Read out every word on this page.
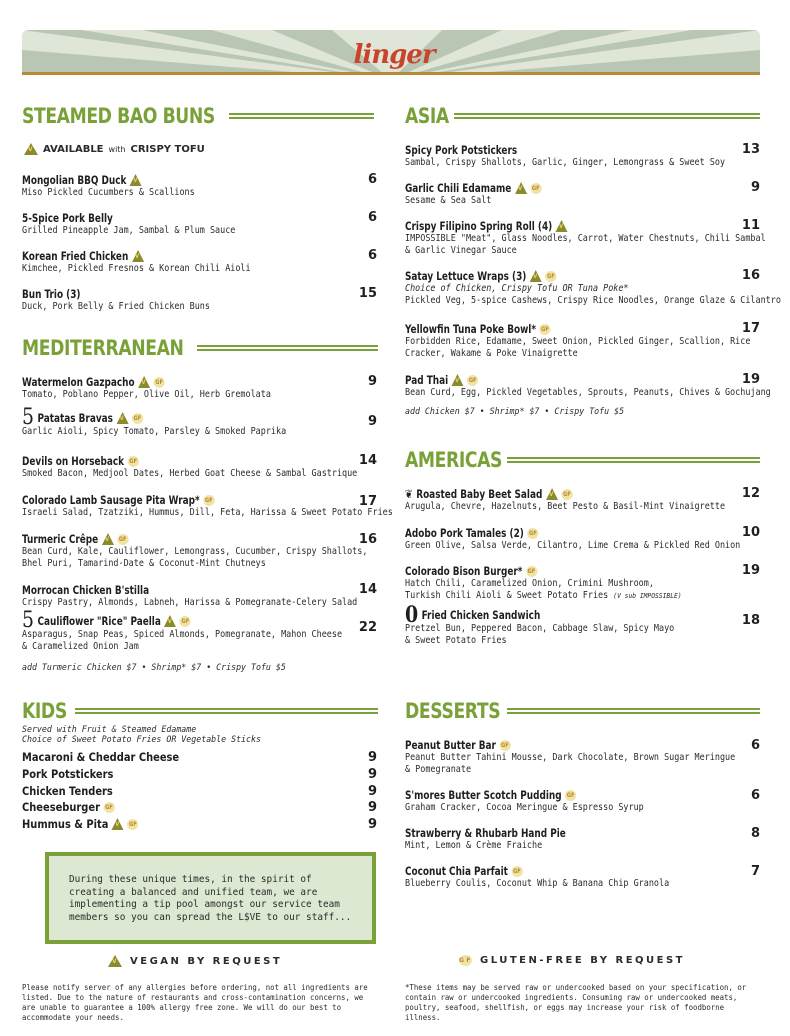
linger
STEAMED BAO BUNS
V
AVAILABLE with CRISPY TOFU
Mongolian BBQ Duck
V
Miso Pickled Cucumbers & Scallions
6
5-Spice Pork Belly
Grilled Pineapple Jam, Sambal & Plum Sauce
6
Korean Fried Chicken
V
Kimchee, Pickled Fresnos & Korean Chili Aioli
6
Bun Trio (3)
Duck, Pork Belly & Fried Chicken Buns
15
MEDITERRANEAN
Watermelon Gazpacho V	GF
Tomato, Poblano Pepper, Olive Oil, Herb Gremolata
9
5 Patatas Bravas V	GF
Garlic Aioli, Spicy Tomato, Parsley & Smoked Paprika
9
Devils on Horseback GF
Smoked Bacon, Medjool Dates, Herbed Goat Cheese & Sambal Gastrique
14
Colorado Lamb Sausage Pita Wrap* GF
Israeli Salad, Tzatziki, Hummus, Dill, Feta, Harissa & Sweet Potato Fries
17
Turmeric Crêpe V	GF
Bean Curd, Kale, Cauliflower, Lemongrass, Cucumber, Crispy Shallots,
Bhel Puri, Tamarind-Date & Coconut-Mint Chutneys
16
Morrocan Chicken B'stilla
Crispy Pastry, Almonds, Labneh, Harissa & Pomegranate-Celery Salad
14
5 Cauliflower "Rice" Paella V	GF
Asparagus, Snap Peas, Spiced Almonds, Pomegranate, Mahon Cheese
& Caramelized Onion Jam
22
add Turmeric Chicken $7 • Shrimp* $7 • Crispy Tofu $5
ASIA
Spicy Pork Potstickers
Sambal, Crispy Shallots, Garlic, Ginger, Lemongrass & Sweet Soy
13
Garlic Chili Edamame V	GF
Sesame & Sea Salt
9
Crispy Filipino Spring Roll (4)
V
IMPOSSIBLE "Meat", Glass Noodles, Carrot, Water Chestnuts, Chili Sambal
& Garlic Vinegar Sauce
11
Satay Lettuce Wraps (3) V	GF
Choice of Chicken, Crispy Tofu OR Tuna Poke*
Pickled Veg, 5-spice Cashews, Crispy Rice Noodles, Orange Glaze & Cilantro
16
Yellowfin Tuna Poke Bowl* GF
Forbidden Rice, Edamame, Sweet Onion, Pickled Ginger, Scallion, Rice
Cracker, Wakame & Poke Vinaigrette
17
Pad Thai V	GF
Bean Curd, Egg, Pickled Vegetables, Sprouts, Peanuts, Chives & Gochujang
19
add Chicken $7 • Shrimp* $7 • Crispy Tofu $5
AMERICAS
❦ Roasted Baby Beet Salad V	GF
Arugula, Chevre, Hazelnuts, Beet Pesto & Basil-Mint Vinaigrette
12
Adobo Pork Tamales (2) GF
Green Olive, Salsa Verde, Cilantro, Lime Crema & Pickled Red Onion
10
Colorado Bison Burger* GF
Hatch Chili, Caramelized Onion, Crimini Mushroom,
Turkish Chili Aioli & Sweet Potato Fries (V sub IMPOSSIBLE)
19
0 Fried Chicken Sandwich
Pretzel Bun, Peppered Bacon, Cabbage Slaw, Spicy Mayo
& Sweet Potato Fries
18
KIDS
Served with Fruit & Steamed Edamame
Choice of Sweet Potato Fries OR Vegetable Sticks
Macaroni & Cheddar Cheese	9
Pork Potstickers	9
Chicken Tenders	9
Cheeseburger GF	9
Hummus & Pita V	GF	9
DESSERTS
Peanut Butter Bar GF
Peanut Butter Tahini Mousse, Dark Chocolate, Brown Sugar Meringue
& Pomegranate
6
S'mores Butter Scotch Pudding GF
Graham Cracker, Cocoa Meringue & Espresso Syrup
6
Strawberry & Rhubarb Hand Pie
Mint, Lemon & Crème Fraiche
8
Coconut Chia Parfait GF
Blueberry Coulis, Coconut Whip & Banana Chip Granola
7
During these unique times, in the spirit of creating a balanced and unified team, we are implementing a tip pool amongst our service team members so you can spread the L$VE to our staff...
V
VEGAN BY REQUEST	GF GLUTEN-FREE BY REQUEST
Please notify server of any allergies before ordering, not all ingredients are listed. Due to the nature of restaurants and cross-contamination concerns, we are unable to guarantee a 100% allergy free zone. We will do our best to accommodate your needs.
*These items may be served raw or undercooked based on your specification, or contain raw or undercooked ingredients. Consuming raw or undercooked meats, poultry, seafood, shellfish, or eggs may increase your risk of foodborne illness.
